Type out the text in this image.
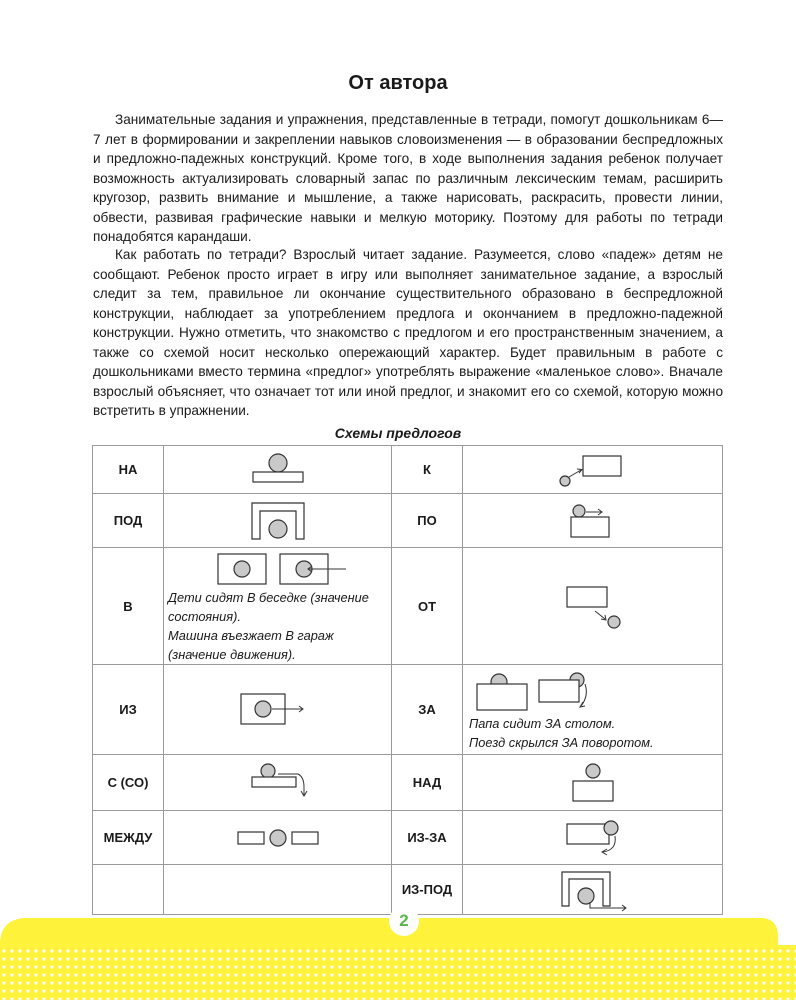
От автора

Занимательные задания и упражнения, представленные в тетради, помогут дошкольникам 6—7 лет в формировании и закреплении навыков словоизменения — в образовании беспредложных и предложно-падежных конструкций. Кроме того, в ходе выполнения задания ребенок получает возможность актуализировать словарный запас по различным лексическим темам, расширить кругозор, развить внимание и мышление, а также нарисовать, раскрасить, провести линии, обвести, развивая графические навыки и мелкую моторику. Поэтому для работы по тетради понадобятся карандаши.

Как работать по тетради? Взрослый читает задание. Разумеется, слово «падеж» детям не сообщают. Ребенок просто играет в игру или выполняет занимательное задание, а взрослый следит за тем, правильное ли окончание существительного образовано в беспредложной конструкции, наблюдает за употреблением предлога и окончанием в предложно-падежной конструкции. Нужно отметить, что знакомство с предлогом и его пространственным значением, а также со схемой носит несколько опережающий характер. Будет правильным в работе с дошкольниками вместо термина «предлог» употреблять выражение «маленькое слово». Вначале взрослый объясняет, что означает тот или иной предлог, и знакомит его со схемой, которую можно встретить в упражнении.

Схемы предлогов
НА		К	

ПОД		ПО	

В	Дети сидят В беседке (значение состояния).
Машина въезжает В гараж (значение движения).	ОТ	

ИЗ		ЗА	Папа сидит ЗА столом.
Поезд скрылся ЗА поворотом.

С (СО)		НАД	

МЕЖДУ		ИЗ-ЗА	

		ИЗ-ПОД	
2
